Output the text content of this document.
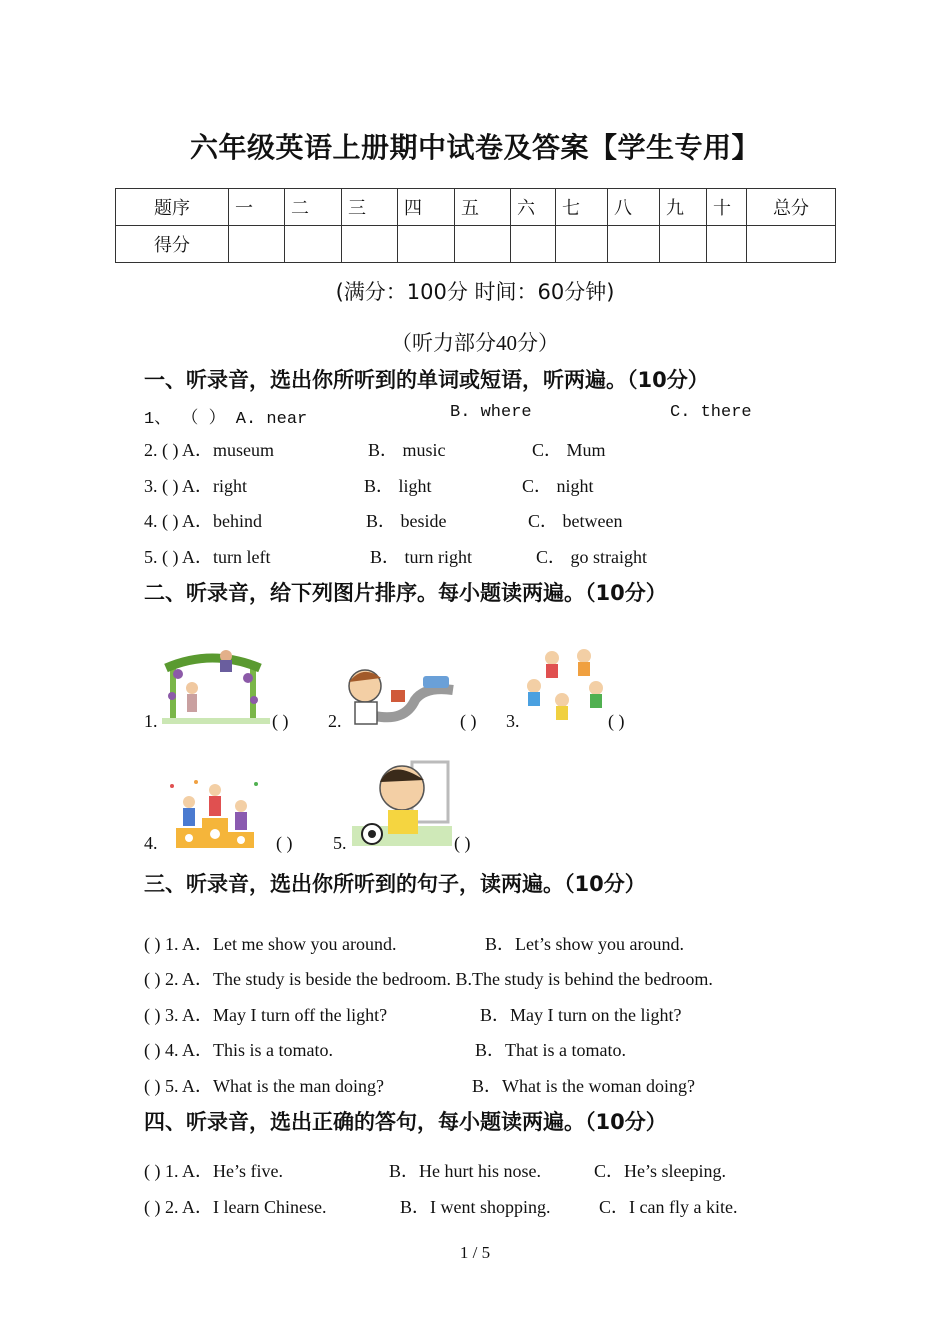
六年级英语上册期中试卷及答案【学生专用】
题序	一	二	三	四	五	六	七	八	九	十	总分
得分											
(满分：100分 时间：60分钟)
（听力部分40分）
一、听录音，选出你所听到的单词或短语，听两遍。（10分）
1、 （ ） A. near	B. where	C. there
2. ( ) A．museum	B． music	C． Mum
3. ( ) A．right	B． light	C． night
4. ( ) A．behind	B． beside	C． between
5. ( ) A．turn left	B． turn right	C． go straight
二、听录音，给下列图片排序。每小题读两遍。（10分）
1.	( ) 2.	( ) 3.	( )
4.	( ) 5.	( )
三、听录音，选出你所听到的句子，读两遍。（10分）
( ) 1. A．Let me show you around.	B．Let’s show you around.
( ) 2. A．The study is beside the bedroom. B.The study is behind the bedroom.
( ) 3. A．May I turn off the light?	B．May I turn on the light?
( ) 4. A．This is a tomato.	B．That is a tomato.
( ) 5. A．What is the man doing?	B．What is the woman doing?
四、听录音，选出正确的答句，每小题读两遍。（10分）
( ) 1. A．He’s five.	B．He hurt his nose.	C．He’s sleeping.
( ) 2. A．I learn Chinese.	B．I went shopping.	C．I can fly a kite.
1 / 5
